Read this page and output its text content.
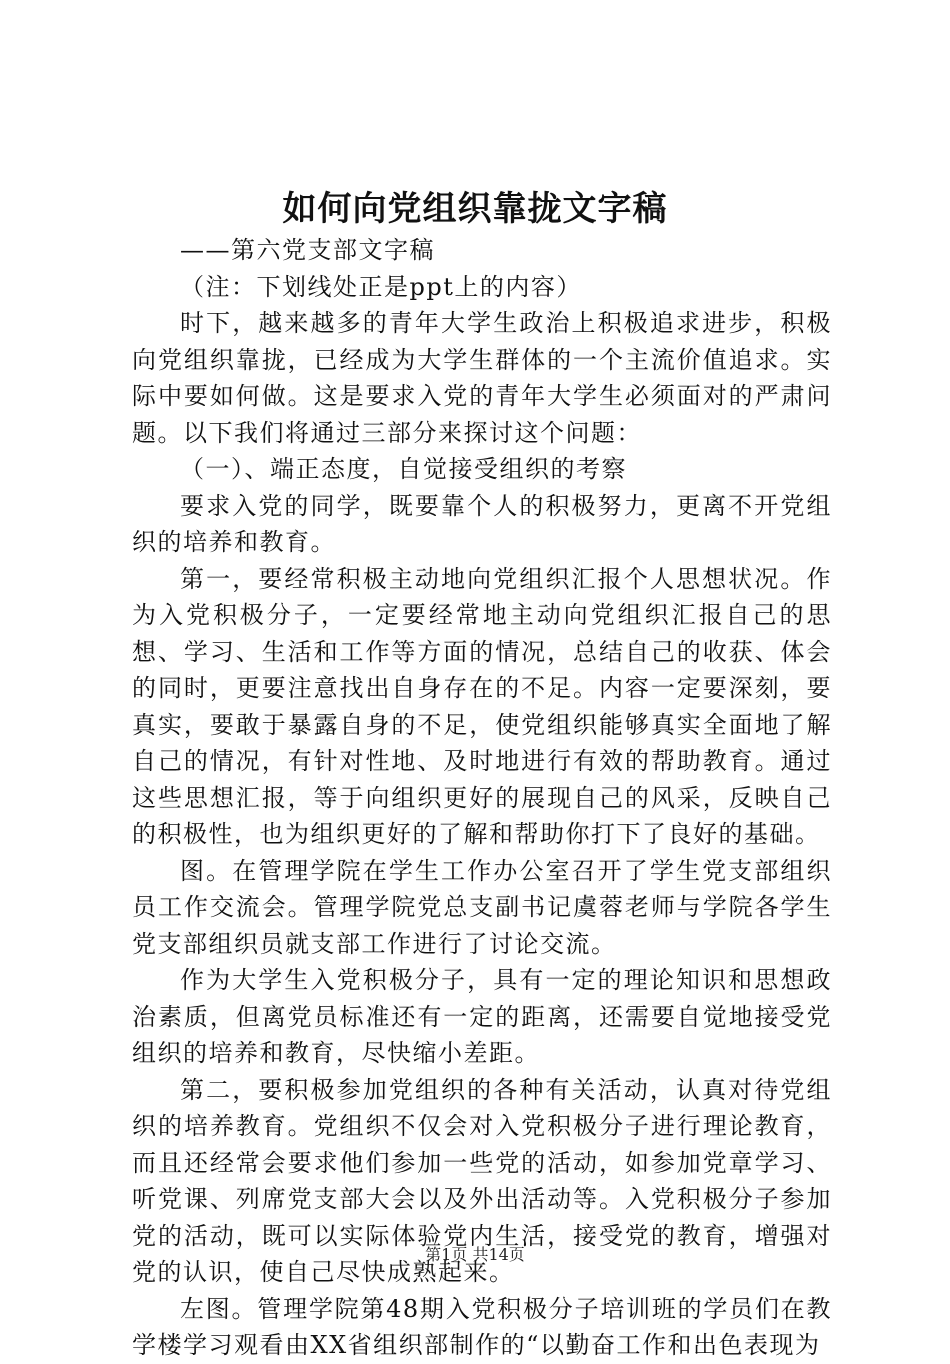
如何向党组织靠拢文字稿

——第六党支部文字稿

（注：下划线处正是ppt上的内容）

时下，越来越多的青年大学生政治上积极追求进步，积极向党组织靠拢，已经成为大学生群体的一个主流价值追求。实际中要如何做。这是要求入党的青年大学生必须面对的严肃问题。以下我们将通过三部分来探讨这个问题：

（一）、端正态度，自觉接受组织的考察

要求入党的同学，既要靠个人的积极努力，更离不开党组织的培养和教育。

第一，要经常积极主动地向党组织汇报个人思想状况。作为入党积极分子，一定要经常地主动向党组织汇报自己的思想、学习、生活和工作等方面的情况，总结自己的收获、体会的同时，更要注意找出自身存在的不足。内容一定要深刻，要真实，要敢于暴露自身的不足，使党组织能够真实全面地了解自己的情况，有针对性地、及时地进行有效的帮助教育。通过这些思想汇报，等于向组织更好的展现自己的风采，反映自己的积极性，也为组织更好的了解和帮助你打下了良好的基础。

图。在管理学院在学生工作办公室召开了学生党支部组织员工作交流会。管理学院党总支副书记虞蓉老师与学院各学生党支部组织员就支部工作进行了讨论交流。

作为大学生入党积极分子，具有一定的理论知识和思想政治素质，但离党员标准还有一定的距离，还需要自觉地接受党组织的培养和教育，尽快缩小差距。

第二，要积极参加党组织的各种有关活动，认真对待党组织的培养教育。党组织不仅会对入党积极分子进行理论教育，而且还经常会要求他们参加一些党的活动，如参加党章学习、听党课、列席党支部大会以及外出活动等。入党积极分子参加党的活动，既可以实际体验党内生活，接受党的教育，增强对党的认识，使自己尽快成熟起来。

左图。管理学院第48期入党积极分子培训班的学员们在教学楼学习观看由XX省组织部制作的“以勤奋工作和出色表现为

第1页 共14页
